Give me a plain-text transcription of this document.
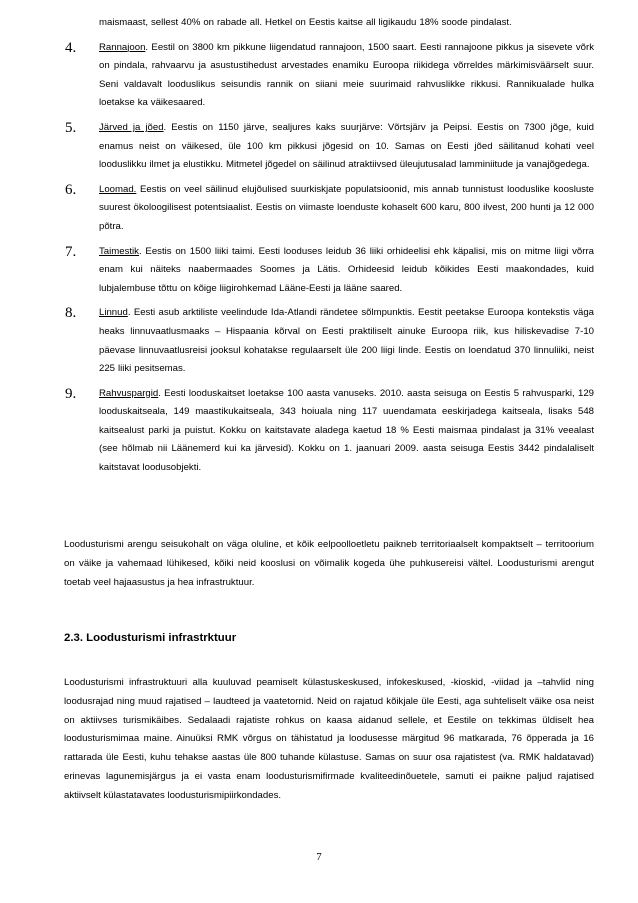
maismaast, sellest 40% on rabade all. Hetkel on Eestis kaitse all ligikaudu 18% soode pindalast.
4. Rannajoon. Eestil on 3800 km pikkune liigendatud rannajoon, 1500 saart. Eesti rannajoone pikkus ja sisevete võrk on pindala, rahvaarvu ja asustustihedust arvestades enamiku Euroopa riikidega võrreldes märkimisväärselt suur. Seni valdavalt looduslikus seisundis rannik on siiani meie suurimaid rahvuslikke rikkusi. Rannikualade hulka loetakse ka väikesaared.
5. Järved ja jõed. Eestis on 1150 järve, sealjures kaks suurjärve: Võrtsjärv ja Peipsi. Eestis on 7300 jõge, kuid enamus neist on väikesed, üle 100 km pikkusi jõgesid on 10. Samas on Eesti jõed säilitanud kohati veel looduslikku ilmet ja elustikku. Mitmetel jõgedel on säilinud atraktiivsed üleujutusalad lamminiitude ja vanajõgedega.
6. Loomad. Eestis on veel säilinud elujõulised suurkiskjate populatsioonid, mis annab tunnistust looduslike koosluste suurest ökoloogilisest potentsiaalist. Eestis on viimaste loenduste kohaselt 600 karu, 800 ilvest, 200 hunti ja 12 000 põtra.
7. Taimestik. Eestis on 1500 liiki taimi. Eesti looduses leidub 36 liiki orhideelisi ehk käpalisi, mis on mitme liigi võrra enam kui näiteks naabermaades Soomes ja Lätis. Orhideesid leidub kõikides Eesti maakondades, kuid lubjalembuse tõttu on kõige liigirohkemad Lääne-Eesti ja lääne saared.
8. Linnud. Eesti asub arktiliste veelindude Ida-Atlandi rändetee sõlmpunktis. Eestit peetakse Euroopa kontekstis väga heaks linnuvaatlusmaaks – Hispaania kõrval on Eesti praktiliselt ainuke Euroopa riik, kus hiliskevadise 7-10 päevase linnuvaatlusreisi jooksul kohatakse regulaarselt üle 200 liigi linde. Eestis on loendatud 370 linnuliiki, neist 225 liiki pesitsemas.
9. Rahvuspargid. Eesti looduskaitset loetakse 100 aasta vanuseks. 2010. aasta seisuga on Eestis 5 rahvusparki, 129 looduskaitseala, 149 maastikukaitseala, 343 hoiuala ning 117 uuendamata eeskirjadega kaitseala, lisaks 548 kaitsealust parki ja puistut. Kokku on kaitstavate aladega kaetud 18 % Eesti maismaa pindalast ja 31% veealast (see hõlmab nii Läänemerd kui ka järvesid). Kokku on 1. jaanuari 2009. aasta seisuga Eestis 3442 pindalaliselt kaitstavat loodusobjekti.

Loodusturismi arengu seisukohalt on väga oluline, et kõik eelpoolloetletu paikneb territoriaalselt kompaktselt – territoorium on väike ja vahemaad lühikesed, kõiki neid kooslusi on võimalik kogeda ühe puhkusereisi vältel. Loodusturismi arengut toetab veel hajaasustus ja hea infrastruktuur.

2.3. Loodusturismi infrastrktuur

Loodusturismi infrastruktuuri alla kuuluvad peamiselt külastuskeskused, infokeskused, -kioskid, -viidad ja –tahvlid ning loodusrajad ning muud rajatised – laudteed ja vaatetornid. Neid on rajatud kõikjale üle Eesti, aga suhteliselt väike osa neist on aktiivses turismikäibes. Sedalaadi rajatiste rohkus on kaasa aidanud sellele, et Eestile on tekkimas üldiselt hea loodusturismimaa maine. Ainuüksi RMK võrgus on tähistatud ja loodusesse märgitud 96 matkarada, 76 õpperada ja 16 rattarada üle Eesti, kuhu tehakse aastas üle 800 tuhande külastuse. Samas on suur osa rajatistest (va. RMK haldatavad) erinevas lagunemisjärgus ja ei vasta enam loodusturismifirmade kvaliteedinõuetele, samuti ei paikne paljud rajatised aktiivselt külastatavates loodusturismipiirkondades.

7
